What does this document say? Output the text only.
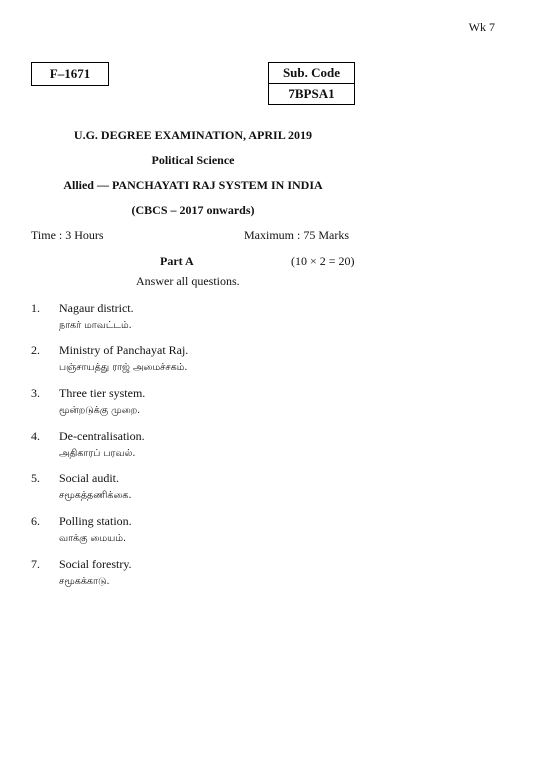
Wk 7
F–1671	Sub. Code
7BPSA1
U.G. DEGREE EXAMINATION, APRIL 2019
Political Science
Allied — PANCHAYATI RAJ SYSTEM IN INDIA
(CBCS – 2017 onwards)
Time : 3 Hours	Maximum : 75 Marks
Part A	(10 × 2 = 20)
Answer all questions.
1. Nagaur district.
நாகர் மாவட்டம்.
2. Ministry of Panchayat Raj.
பஞ்சாயத்து ராஜ் அமைச்சகம்.
3. Three tier system.
மூன்றடுக்கு முறை.
4. De-centralisation.
அதிகாரப் பரவல்.
5. Social audit.
சமூகத்தணிக்கை.
6. Polling station.
வாக்கு மையம்.
7. Social forestry.
சமூகக்காடு.
